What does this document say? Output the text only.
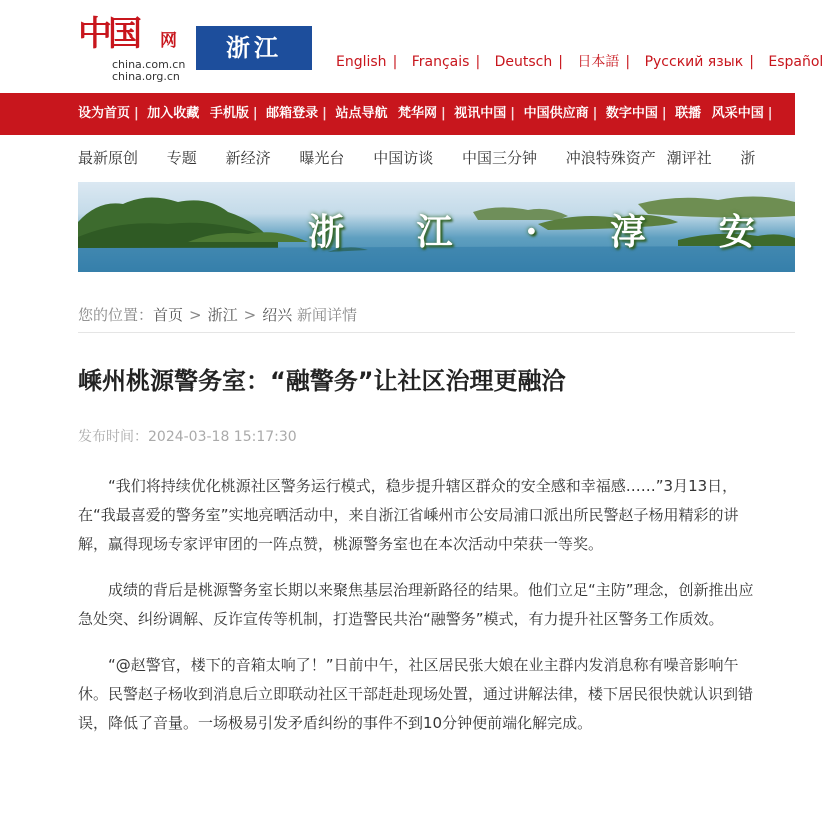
中国 网
china.com.cn
china.org.cn
浙江	English | Français | Deutsch | 日本語 | Русский язык | Español
设为首页 | 加入收藏 手机版 | 邮箱登录 | 站点导航 梵华网 | 视讯中国 | 中国供应商 | 数字中国 | 联播 风采中国 |
最新原创 专题 新经济 曝光台 中国访谈 中国三分钟 冲浪特殊资产 潮评社 浙
浙 江 · 淳 安
您的位置：首页 > 浙江 > 绍兴 新闻详情
嵊州桃源警务室：“融警务”让社区治理更融洽
发布时间：2024-03-18 15:17:30

“我们将持续优化桃源社区警务运行模式，稳步提升辖区群众的安全感和幸福感……”3月13日，在“我最喜爱的警务室”实地亮晒活动中，来自浙江省嵊州市公安局浦口派出所民警赵子杨用精彩的讲解，赢得现场专家评审团的一阵点赞，桃源警务室也在本次活动中荣获一等奖。

成绩的背后是桃源警务室长期以来聚焦基层治理新路径的结果。他们立足“主防”理念，创新推出应急处突、纠纷调解、反诈宣传等机制，打造警民共治“融警务”模式，有力提升社区警务工作质效。

“@赵警官，楼下的音箱太响了！”日前中午，社区居民张大娘在业主群内发消息称有噪音影响午休。民警赵子杨收到消息后立即联动社区干部赶赴现场处置，通过讲解法律，楼下居民很快就认识到错误，降低了音量。一场极易引发矛盾纠纷的事件不到10分钟便前端化解完成。
